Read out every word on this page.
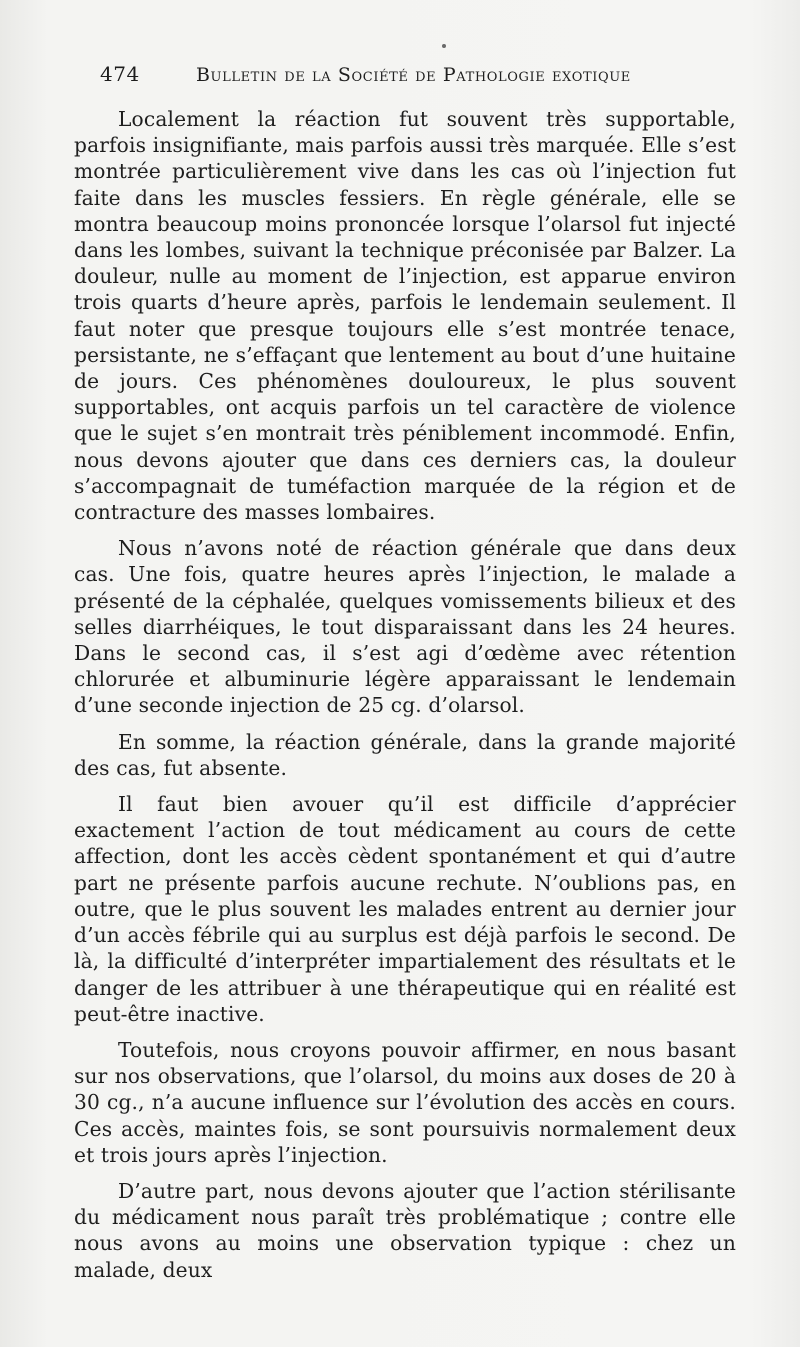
474	Bulletin de la Société de Pathologie exotique

Localement la réaction fut souvent très supportable, parfois insignifiante, mais parfois aussi très marquée. Elle s’est montrée particulièrement vive dans les cas où l’injection fut faite dans les muscles fessiers. En règle générale, elle se montra beaucoup moins prononcée lorsque l’olarsol fut injecté dans les lombes, suivant la technique préconisée par Balzer. La douleur, nulle au moment de l’injection, est apparue environ trois quarts d’heure après, parfois le lendemain seulement. Il faut noter que presque toujours elle s’est montrée tenace, persistante, ne s’effaçant que lentement au bout d’une huitaine de jours. Ces phénomènes douloureux, le plus souvent supportables, ont acquis parfois un tel caractère de violence que le sujet s’en montrait très péniblement incommodé. Enfin, nous devons ajouter que dans ces derniers cas, la douleur s’accompagnait de tuméfaction marquée de la région et de contracture des masses lombaires.

Nous n’avons noté de réaction générale que dans deux cas. Une fois, quatre heures après l’injection, le malade a présenté de la céphalée, quelques vomissements bilieux et des selles diarrhéiques, le tout disparaissant dans les 24 heures. Dans le second cas, il s’est agi d’œdème avec rétention chlorurée et albuminurie légère apparaissant le lendemain d’une seconde injection de 25 cg. d’olarsol.

En somme, la réaction générale, dans la grande majorité des cas, fut absente.

Il faut bien avouer qu’il est difficile d’apprécier exactement l’action de tout médicament au cours de cette affection, dont les accès cèdent spontanément et qui d’autre part ne présente parfois aucune rechute. N’oublions pas, en outre, que le plus souvent les malades entrent au dernier jour d’un accès fébrile qui au surplus est déjà parfois le second. De là, la difficulté d’interpréter impartialement des résultats et le danger de les attribuer à une thérapeutique qui en réalité est peut-être inactive.

Toutefois, nous croyons pouvoir affirmer, en nous basant sur nos observations, que l’olarsol, du moins aux doses de 20 à 30 cg., n’a aucune influence sur l’évolution des accès en cours. Ces accès, maintes fois, se sont poursuivis normalement deux et trois jours après l’injection.

D’autre part, nous devons ajouter que l’action stérilisante du médicament nous paraît très problématique ; contre elle nous avons au moins une observation typique : chez un malade, deux
